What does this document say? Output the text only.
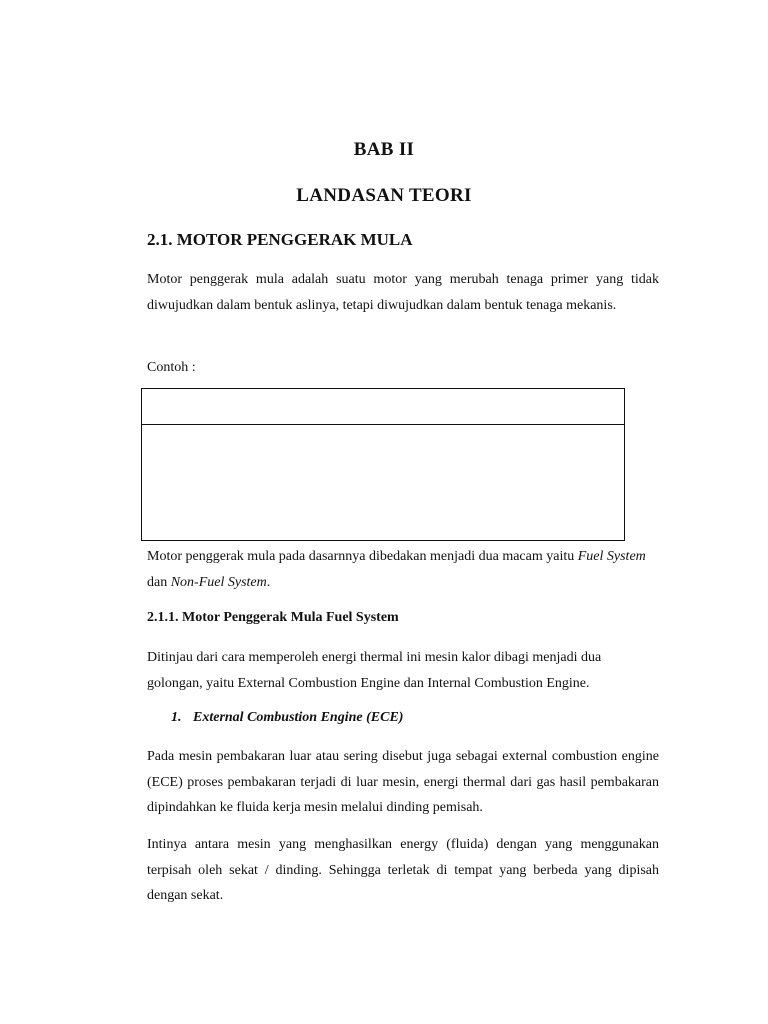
BAB II
LANDASAN TEORI
2.1. MOTOR PENGGERAK MULA

Motor penggerak mula adalah suatu motor yang merubah tenaga primer yang tidak diwujudkan dalam bentuk aslinya, tetapi diwujudkan dalam bentuk tenaga mekanis.

Contoh :

Motor penggerak mula pada dasarnnya dibedakan menjadi dua macam yaitu Fuel System dan Non-Fuel System.

2.1.1. Motor Penggerak Mula Fuel System

Ditinjau dari cara memperoleh energi thermal ini mesin kalor dibagi menjadi dua golongan, yaitu External Combustion Engine dan Internal Combustion Engine.

1. External Combustion Engine (ECE)

Pada mesin pembakaran luar atau sering disebut juga sebagai external combustion engine (ECE) proses pembakaran terjadi di luar mesin, energi thermal dari gas hasil pembakaran dipindahkan ke fluida kerja mesin melalui dinding pemisah.

Intinya antara mesin yang menghasilkan energy (fluida) dengan yang menggunakan terpisah oleh sekat / dinding. Sehingga terletak di tempat yang berbeda yang dipisah dengan sekat.
